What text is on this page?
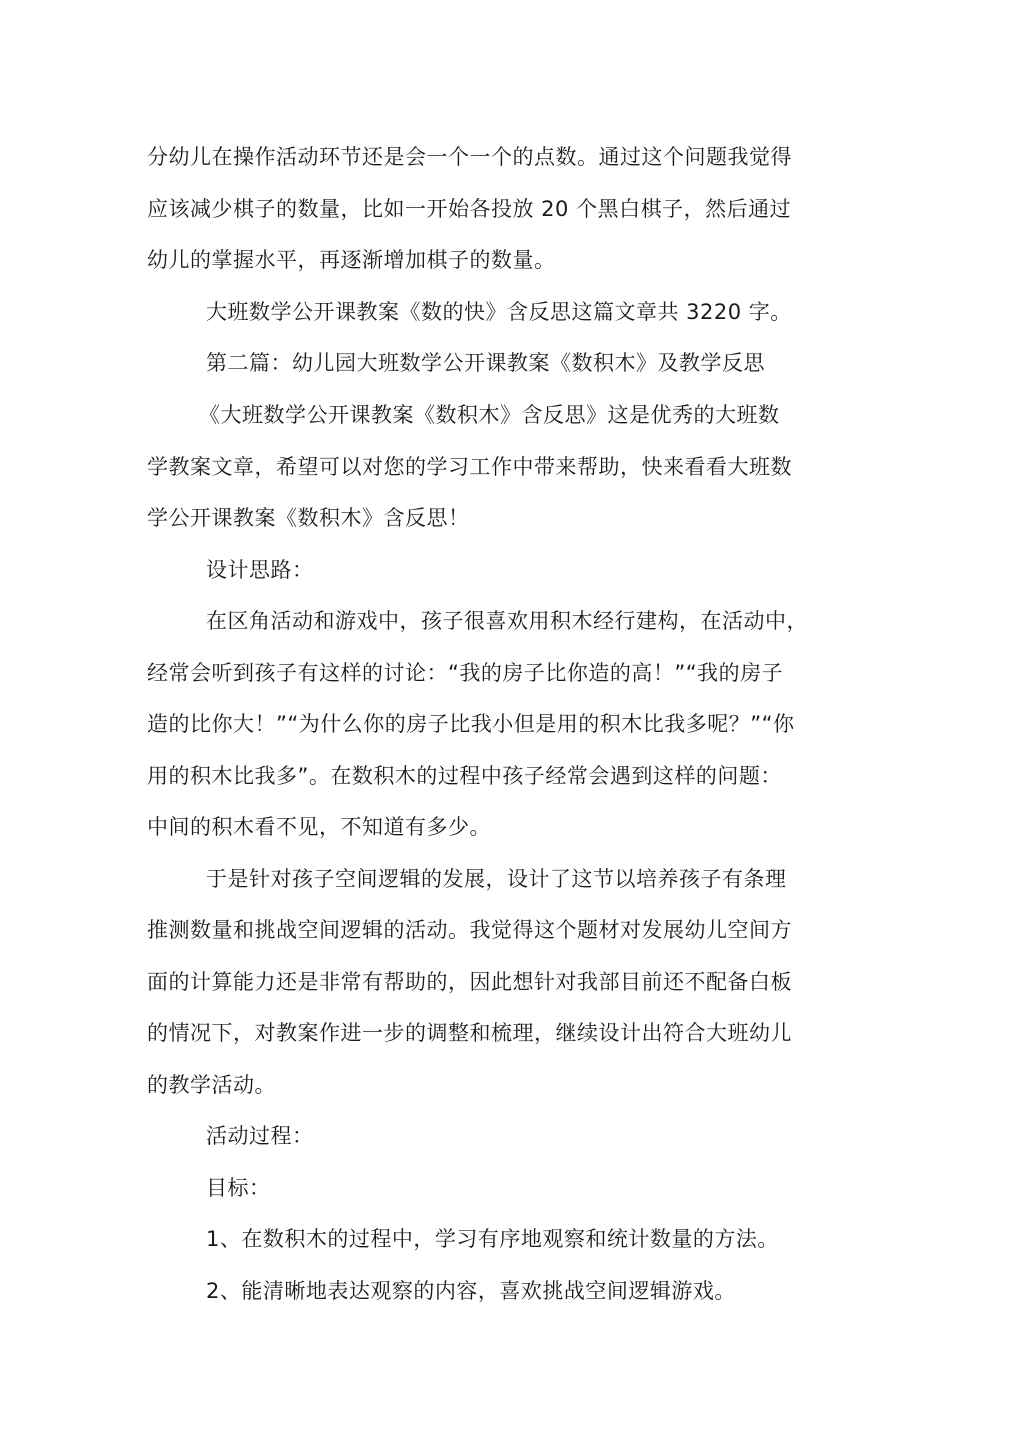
分幼儿在操作活动环节还是会一个一个的点数。通过这个问题我觉得
应该减少棋子的数量，比如一开始各投放 20 个黑白棋子，然后通过
幼儿的掌握水平，再逐渐增加棋子的数量。
大班数学公开课教案《数的快》含反思这篇文章共 3220 字。
第二篇：幼儿园大班数学公开课教案《数积木》及教学反思
《大班数学公开课教案《数积木》含反思》这是优秀的大班数
学教案文章，希望可以对您的学习工作中带来帮助，快来看看大班数
学公开课教案《数积木》含反思！
设计思路：
在区角活动和游戏中，孩子很喜欢用积木经行建构，在活动中，
经常会听到孩子有这样的讨论：“我的房子比你造的高！”“我的房子
造的比你大！”“为什么你的房子比我小但是用的积木比我多呢？”“你
用的积木比我多”。在数积木的过程中孩子经常会遇到这样的问题：
中间的积木看不见，不知道有多少。
于是针对孩子空间逻辑的发展，设计了这节以培养孩子有条理
推测数量和挑战空间逻辑的活动。我觉得这个题材对发展幼儿空间方
面的计算能力还是非常有帮助的，因此想针对我部目前还不配备白板
的情况下，对教案作进一步的调整和梳理，继续设计出符合大班幼儿
的教学活动。
活动过程：
目标：
1、在数积木的过程中，学习有序地观察和统计数量的方法。
2、能清晰地表达观察的内容，喜欢挑战空间逻辑游戏。
